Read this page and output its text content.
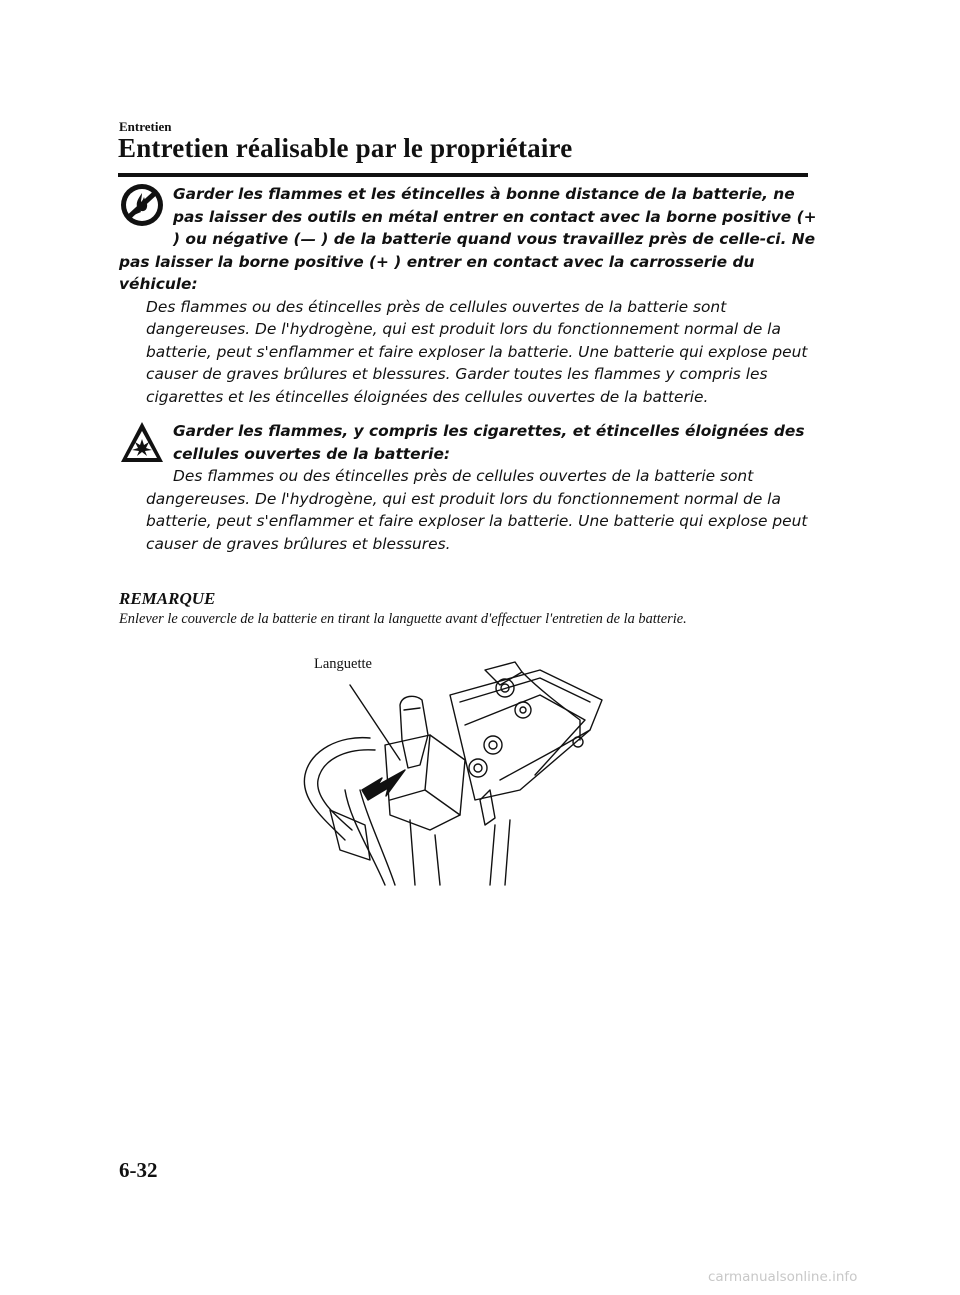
Entretien
Entretien réalisable par le propriétaire

Garder les flammes et les étincelles à bonne distance de la batterie, ne pas laisser des outils en métal entrer en contact avec la borne positive (+ ) ou négative (— ) de la batterie quand vous travaillez près de celle-ci. Ne pas laisser la borne positive (+ ) entrer en contact avec la carrosserie du véhicule:

Des flammes ou des étincelles près de cellules ouvertes de la batterie sont dangereuses. De l'hydrogène, qui est produit lors du fonctionnement normal de la batterie, peut s'enflammer et faire exploser la batterie. Une batterie qui explose peut causer de graves brûlures et blessures. Garder toutes les flammes y compris les cigarettes et les étincelles éloignées des cellules ouvertes de la batterie.

Garder les flammes, y compris les cigarettes, et étincelles éloignées des cellules ouvertes de la batterie:

Des flammes ou des étincelles près de cellules ouvertes de la batterie sont dangereuses. De l'hydrogène, qui est produit lors du fonctionnement normal de la batterie, peut s'enflammer et faire exploser la batterie. Une batterie qui explose peut causer de graves brûlures et blessures.

REMARQUE
Enlever le couvercle de la batterie en tirant la languette avant d'effectuer l'entretien de la batterie.
Languette
6-32
carmanualsonline.info
